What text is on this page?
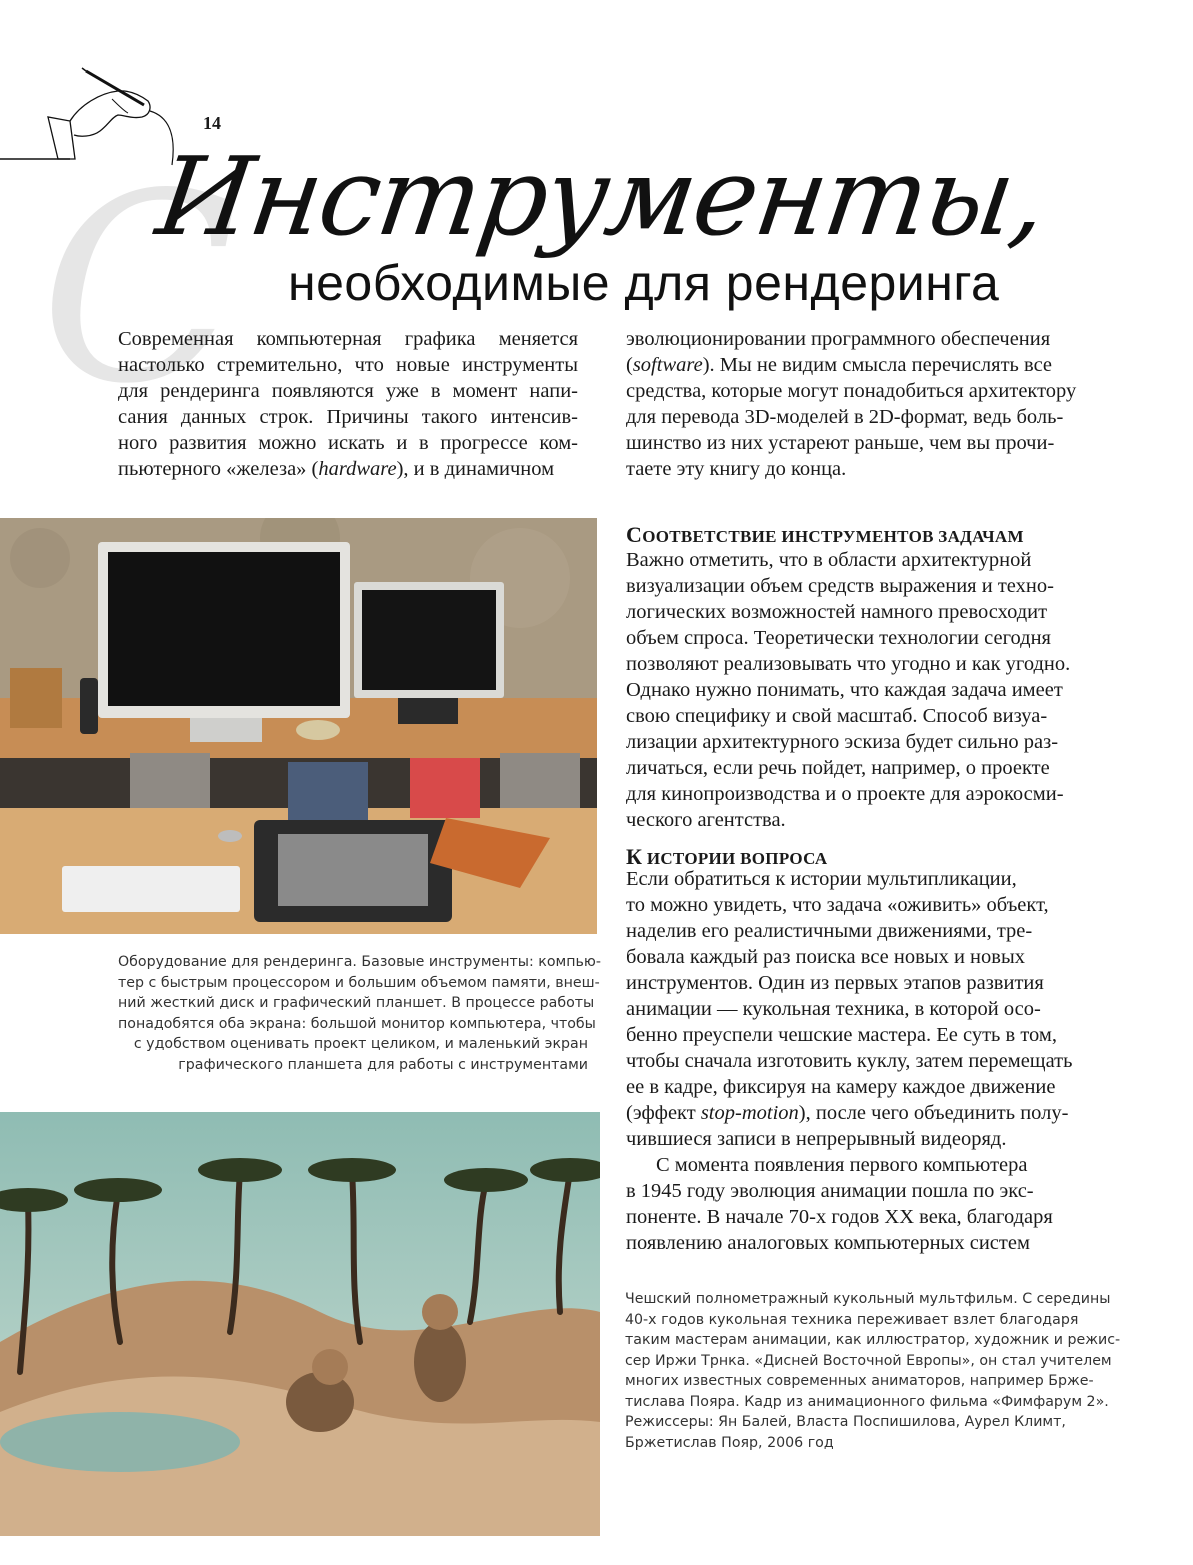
14
C
Инструменты,
необходимые для рендеринга
Современная компьютерная графика меняется
настолько стремительно, что новые инструменты
для рендеринга появляются уже в момент напи-
сания данных строк. Причины такого интенсив-
ного развития можно искать и в прогрессе ком-
пьютерного «железа» (hardware), и в динамичном
эволюционировании программного обеспечения
(software). Мы не видим смысла перечислять все
средства, которые могут понадобиться архитектору
для перевода 3D-моделей в 2D-формат, ведь боль-
шинство из них устареют раньше, чем вы прочи-
таете эту книгу до конца.
Оборудование для рендеринга. Базовые инструменты: компью-
тер с быстрым процессором и большим объемом памяти, внеш-
ний жесткий диск и графический планшет. В процессе работы
понадобятся оба экрана: большой монитор компьютера, чтобы
с удобством оценивать проект целиком, и маленький экран
графического планшета для работы с инструментами
СООТВЕТСТВИЕ ИНСТРУМЕНТОВ ЗАДАЧАМ
Важно отметить, что в области архитектурной
визуализации объем средств выражения и техно-
логических возможностей намного превосходит
объем спроса. Теоретически технологии сегодня
позволяют реализовывать что угодно и как угодно.
Однако нужно понимать, что каждая задача имеет
свою специфику и свой масштаб. Способ визуа-
лизации архитектурного эскиза будет сильно раз-
личаться, если речь пойдет, например, о проекте
для кинопроизводства и о проекте для аэрокосми-
ческого агентства.
К ИСТОРИИ ВОПРОСА
Если обратиться к истории мультипликации,
то можно увидеть, что задача «оживить» объект,
наделив его реалистичными движениями, тре-
бовала каждый раз поиска все новых и новых
инструментов. Один из первых этапов развития
анимации — кукольная техника, в которой осо-
бенно преуспели чешские мастера. Ее суть в том,
чтобы сначала изготовить куклу, затем перемещать
ее в кадре, фиксируя на камеру каждое движение
(эффект stop-motion), после чего объединить полу-
чившиеся записи в непрерывный видеоряд.
С момента появления первого компьютера
в 1945 году эволюция анимации пошла по экс-
поненте. В начале 70-х годов XX века, благодаря
появлению аналоговых компьютерных систем
Чешский полнометражный кукольный мультфильм. С середины
40-х годов кукольная техника переживает взлет благодаря
таким мастерам анимации, как иллюстратор, художник и режис-
сер Иржи Трнка. «Дисней Восточной Европы», он стал учителем
многих известных современных аниматоров, например Брже-
тислава Пояра. Кадр из анимационного фильма «Фимфарум 2».
Режиссеры: Ян Балей, Власта Поспишилова, Аурел Климт,
Бржетислав Пояр, 2006 год
